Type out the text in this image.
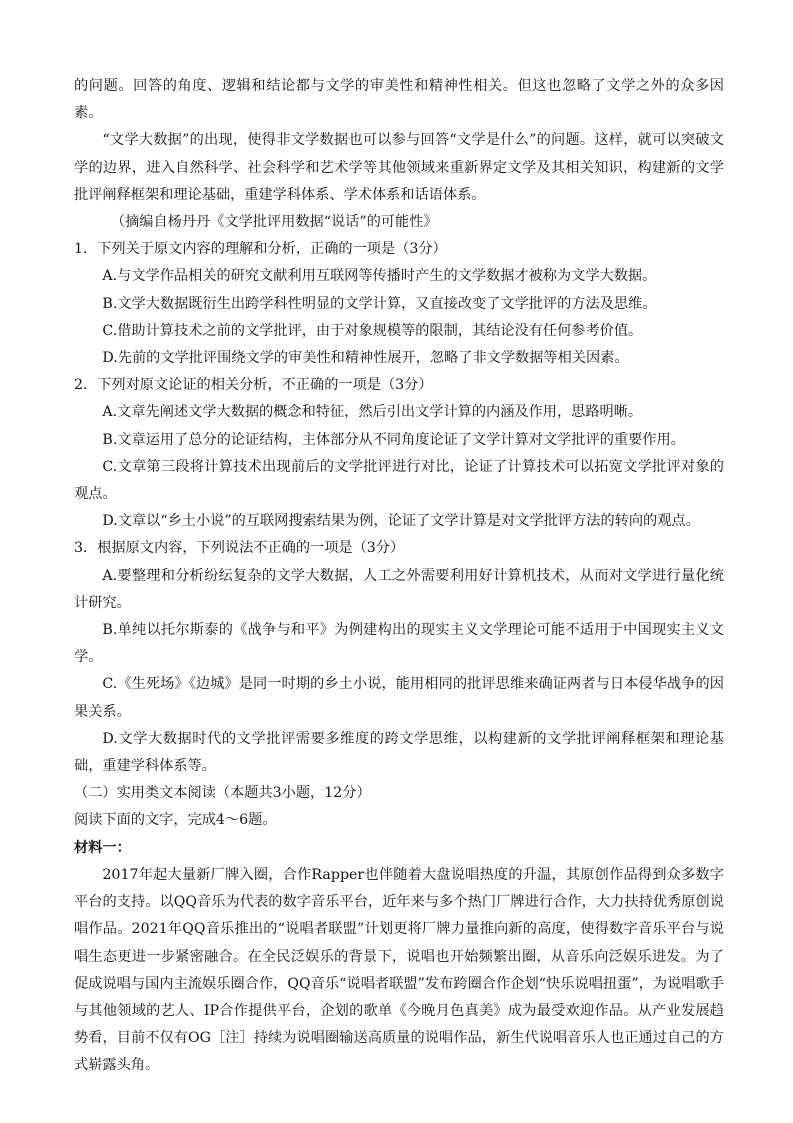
的问题。回答的角度、逻辑和结论都与文学的审美性和精神性相关。但这也忽略了文学之外的众多因素。

“文学大数据”的出现，使得非文学数据也可以参与回答“文学是什么”的问题。这样，就可以突破文学的边界，进入自然科学、社会科学和艺术学等其他领域来重新界定文学及其相关知识，构建新的文学批评阐释框架和理论基础，重建学科体系、学术体系和话语体系。

（摘编自杨丹丹《文学批评用数据“说话”的可能性》

1．下列关于原文内容的理解和分析，正确的一项是（3分）

A.与文学作品相关的研究文献利用互联网等传播时产生的文学数据才被称为文学大数据。

B.文学大数据既衍生出跨学科性明显的文学计算，又直接改变了文学批评的方法及思维。

C.借助计算技术之前的文学批评，由于对象规模等的限制，其结论没有任何参考价值。

D.先前的文学批评围绕文学的审美性和精神性展开，忽略了非文学数据等相关因素。

2．下列对原文论证的相关分析，不正确的一项是（3分）

A.文章先阐述文学大数据的概念和特征，然后引出文学计算的内涵及作用，思路明晰。

B.文章运用了总分的论证结构，主体部分从不同角度论证了文学计算对文学批评的重要作用。

C.文章第三段将计算技术出现前后的文学批评进行对比，论证了计算技术可以拓宽文学批评对象的观点。

D.文章以“乡土小说”的互联网搜索结果为例，论证了文学计算是对文学批评方法的转向的观点。

3．根据原文内容，下列说法不正确的一项是（3分）

A.要整理和分析纷纭复杂的文学大数据，人工之外需要利用好计算机技术，从而对文学进行量化统计研究。

B.单纯以托尔斯泰的《战争与和平》为例建构出的现实主义文学理论可能不适用于中国现实主义文学。

C.《生死场》《边城》是同一时期的乡土小说，能用相同的批评思维来确证两者与日本侵华战争的因果关系。

D.文学大数据时代的文学批评需要多维度的跨文学思维，以构建新的文学批评阐释框架和理论基础，重建学科体系等。

（二）实用类文本阅读（本题共3小题，12分）

阅读下面的文字，完成4～6题。

材料一：

2017年起大量新厂牌入圈，合作Rapper也伴随着大盘说唱热度的升温，其原创作品得到众多数字平台的支持。以QQ音乐为代表的数字音乐平台，近年来与多个热门厂牌进行合作，大力扶持优秀原创说唱作品。2021年QQ音乐推出的“说唱者联盟”计划更将厂牌力量推向新的高度，使得数字音乐平台与说唱生态更进一步紧密融合。在全民泛娱乐的背景下，说唱也开始频繁出圈，从音乐向泛娱乐进发。为了促成说唱与国内主流娱乐圈合作，QQ音乐“说唱者联盟”发布跨圈合作企划“快乐说唱扭蛋”，为说唱歌手与其他领域的艺人、IP合作提供平台，企划的歌单《今晚月色真美》成为最受欢迎作品。从产业发展趋势看，目前不仅有OG［注］持续为说唱圈输送高质量的说唱作品，新生代说唱音乐人也正通过自己的方式崭露头角。
